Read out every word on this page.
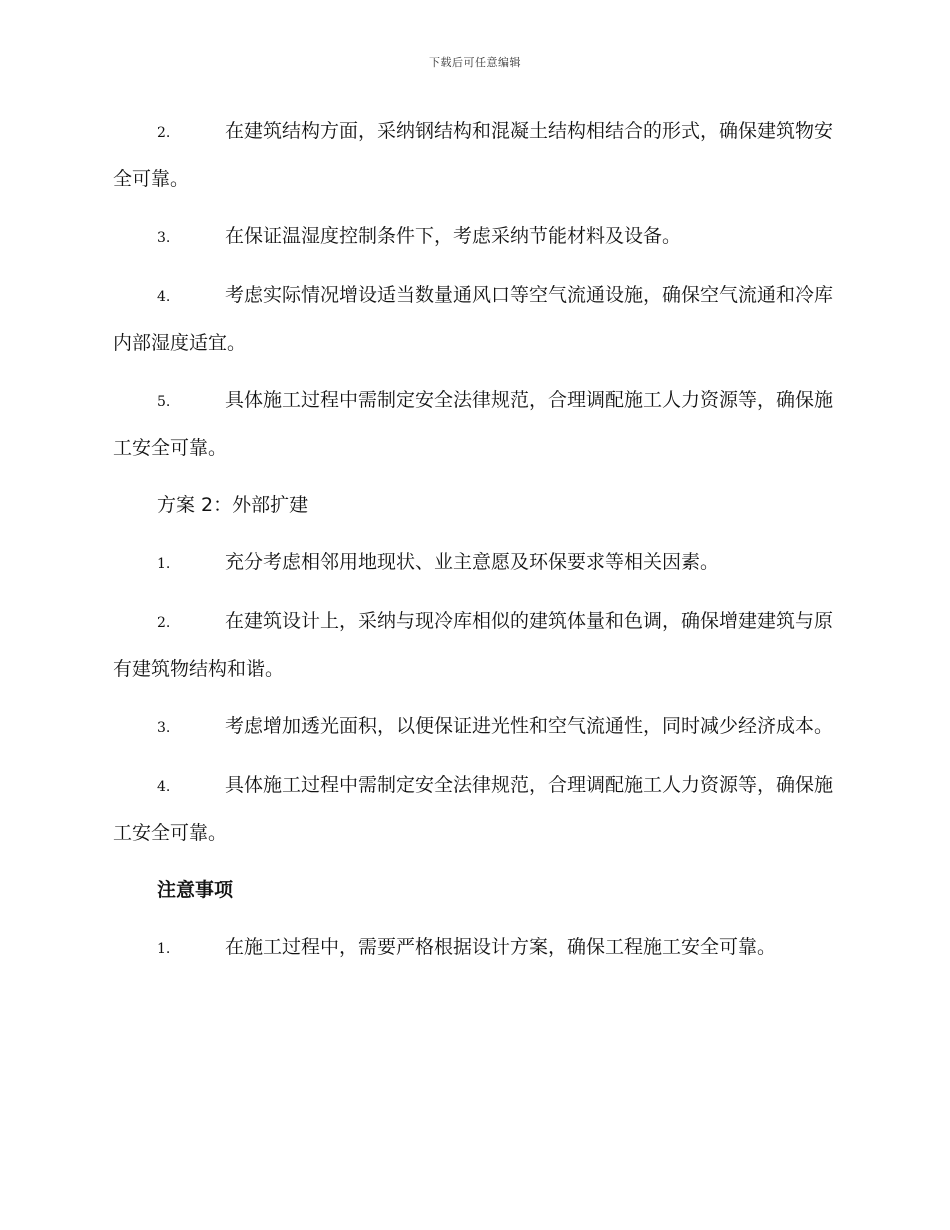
下载后可任意编辑
2.	在建筑结构方面，采纳钢结构和混凝土结构相结合的形式，确保建筑物安全可靠。
3.	在保证温湿度控制条件下，考虑采纳节能材料及设备。
4.	考虑实际情况增设适当数量通风口等空气流通设施，确保空气流通和冷库内部湿度适宜。
5.	具体施工过程中需制定安全法律规范，合理调配施工人力资源等，确保施工安全可靠。
方案 2：外部扩建
1.	充分考虑相邻用地现状、业主意愿及环保要求等相关因素。
2.	在建筑设计上，采纳与现冷库相似的建筑体量和色调，确保增建建筑与原有建筑物结构和谐。
3.	考虑增加透光面积，以便保证进光性和空气流通性，同时减少经济成本。
4.	具体施工过程中需制定安全法律规范，合理调配施工人力资源等，确保施工安全可靠。
注意事项
1.	在施工过程中，需要严格根据设计方案，确保工程施工安全可靠。
